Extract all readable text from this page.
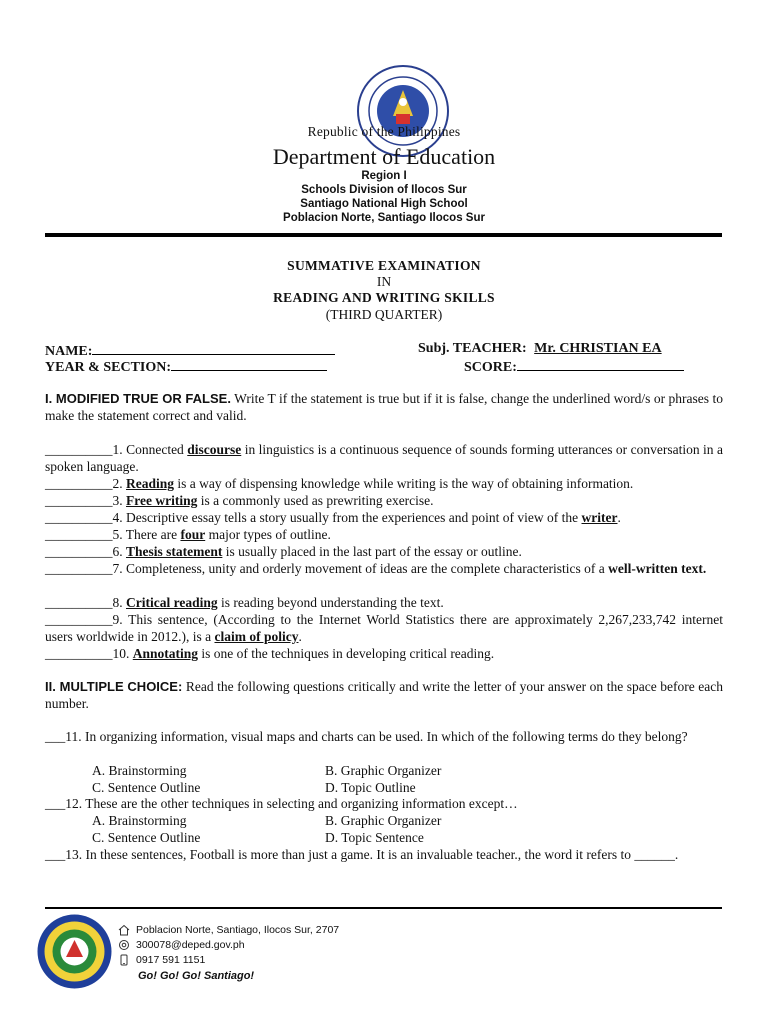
Republic of the Philippines
Department of Education
Region I
Schools Division of Ilocos Sur
Santiago National High School
Poblacion Norte, Santiago Ilocos Sur
SUMMATIVE EXAMINATION
IN
READING AND WRITING SKILLS
(THIRD QUARTER)
NAME:
YEAR & SECTION:
Subj. TEACHER: Mr. CHRISTIAN EA
SCORE:
I. MODIFIED TRUE OR FALSE. Write T if the statement is true but if it is false, change the underlined word/s or phrases to make the statement correct and valid.
__________1. Connected discourse in linguistics is a continuous sequence of sounds forming utterances or conversation in a spoken language.
__________2. Reading is a way of dispensing knowledge while writing is the way of obtaining information.
__________3. Free writing is a commonly used as prewriting exercise.
__________4. Descriptive essay tells a story usually from the experiences and point of view of the writer.
__________5. There are four major types of outline.
__________6. Thesis statement is usually placed in the last part of the essay or outline.
__________7. Completeness, unity and orderly movement of ideas are the complete characteristics of a well-written text.
__________8. Critical reading is reading beyond understanding the text.
__________9. This sentence, (According to the Internet World Statistics there are approximately 2,267,233,742 internet users worldwide in 2012.), is a claim of policy.
__________10. Annotating is one of the techniques in developing critical reading.
II. MULTIPLE CHOICE: Read the following questions critically and write the letter of your answer on the space before each number.
___11. In organizing information, visual maps and charts can be used. In which of the following terms do they belong?
A. Brainstorming	B. Graphic Organizer
C. Sentence Outline	D. Topic Outline
___12. These are the other techniques in selecting and organizing information except…
A. Brainstorming	B. Graphic Organizer
C. Sentence Outline	D. Topic Sentence
___13. In these sentences, Football is more than just a game. It is an invaluable teacher., the word it refers to ______.
Poblacion Norte, Santiago, Ilocos Sur, 2707
300078@deped.gov.ph
0917 591 1151
Go! Go! Go! Santiago!
